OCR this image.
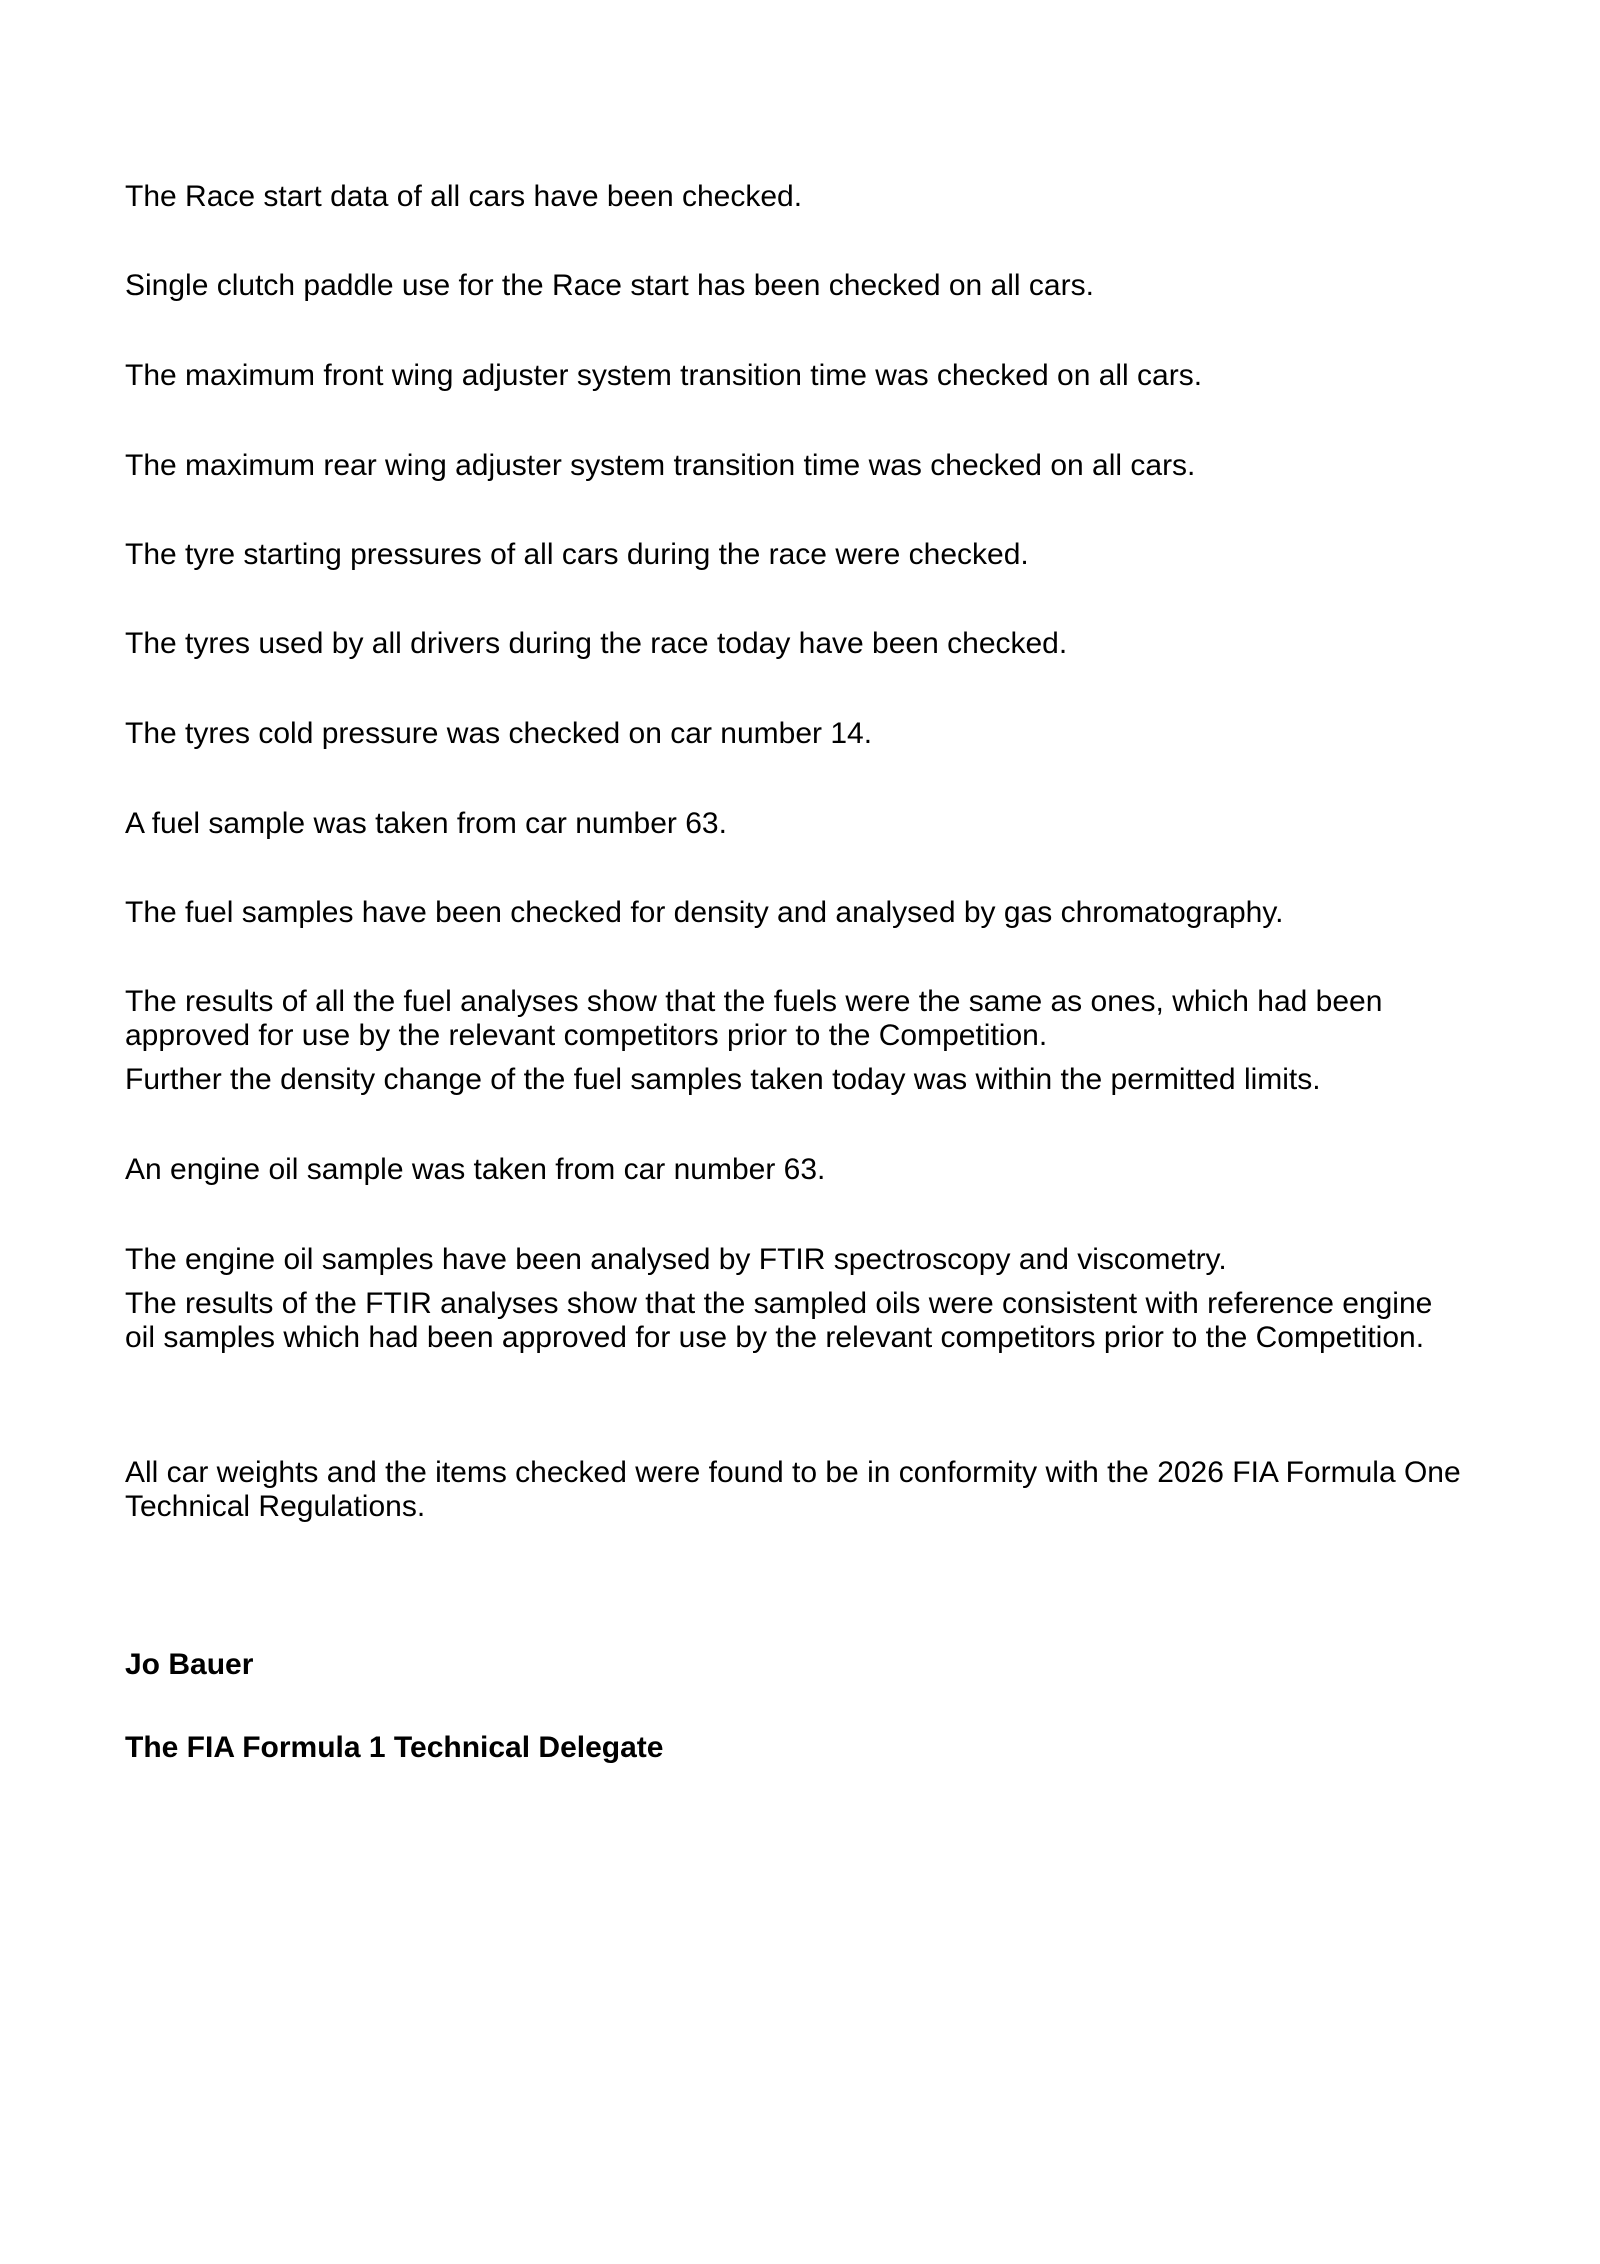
The Race start data of all cars have been checked.

Single clutch paddle use for the Race start has been checked on all cars.

The maximum front wing adjuster system transition time was checked on all cars.

The maximum rear wing adjuster system transition time was checked on all cars.

The tyre starting pressures of all cars during the race were checked.

The tyres used by all drivers during the race today have been checked.

The tyres cold pressure was checked on car number 14.

A fuel sample was taken from car number 63.

The fuel samples have been checked for density and analysed by gas chromatography.

The results of all the fuel analyses show that the fuels were the same as ones, which had been

approved for use by the relevant competitors prior to the Competition.

Further the density change of the fuel samples taken today was within the permitted limits.

An engine oil sample was taken from car number 63.

The engine oil samples have been analysed by FTIR spectroscopy and viscometry.

The results of the FTIR analyses show that the sampled oils were consistent with reference engine

oil samples which had been approved for use by the relevant competitors prior to the Competition.

All car weights and the items checked were found to be in conformity with the 2026 FIA Formula One

Technical Regulations.

Jo Bauer

The FIA Formula 1 Technical Delegate
